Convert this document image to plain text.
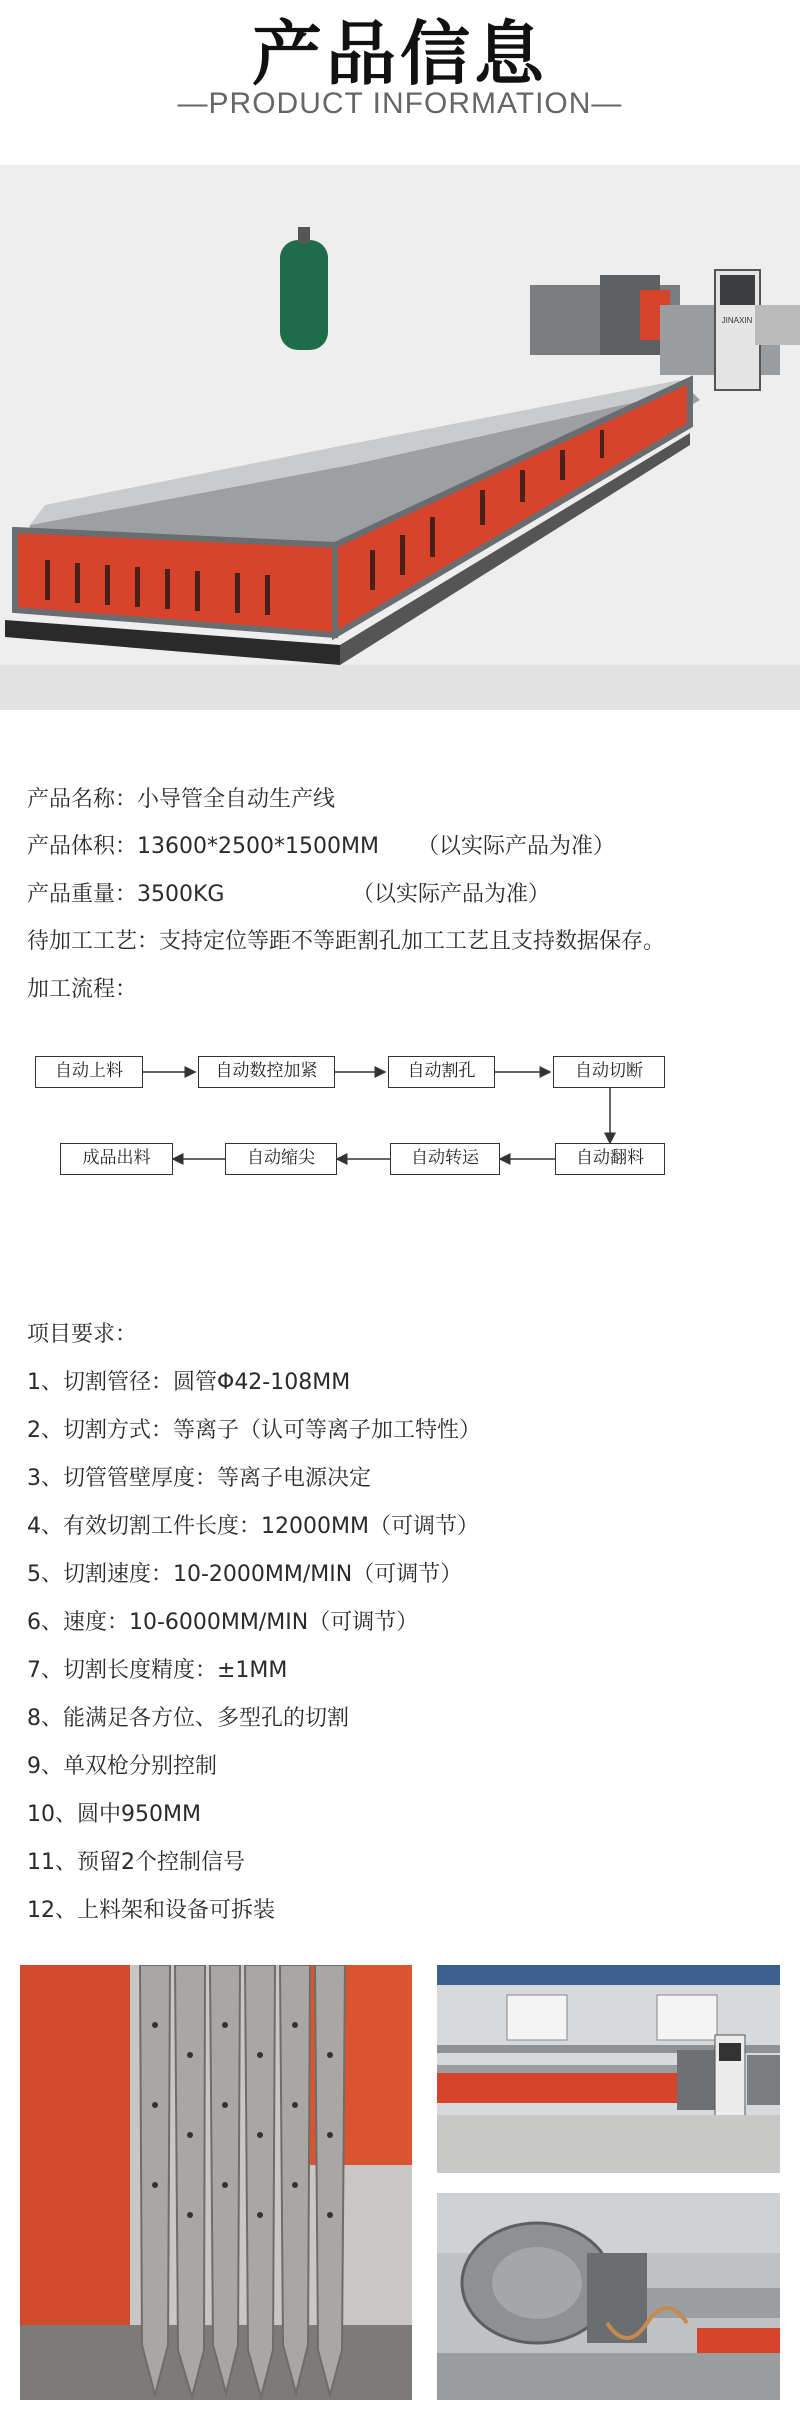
产品信息
—PRODUCT INFORMATION—
JINAXIN
产品名称：小导管全自动生产线
产品体积：13600*2500*1500MM （以实际产品为准）
产品重量：3500KG	（以实际产品为准）
待加工工艺：支持定位等距不等距割孔加工工艺且支持数据保存。
加工流程：
自动上料	自动数控加紧	自动割孔	自动切断
自动翻料
自动转运
自动缩尖
成品出料
项目要求：
1、切割管径：圆管Φ42-108MM
2、切割方式：等离子（认可等离子加工特性）
3、切管管壁厚度：等离子电源决定
4、有效切割工件长度：12000MM（可调节）
5、切割速度：10-2000MM/MIN（可调节）
6、速度：10-6000MM/MIN（可调节）
7、切割长度精度：±1MM
8、能满足各方位、多型孔的切割
9、单双枪分别控制
10、圆中950MM
11、预留2个控制信号
12、上料架和设备可拆装
